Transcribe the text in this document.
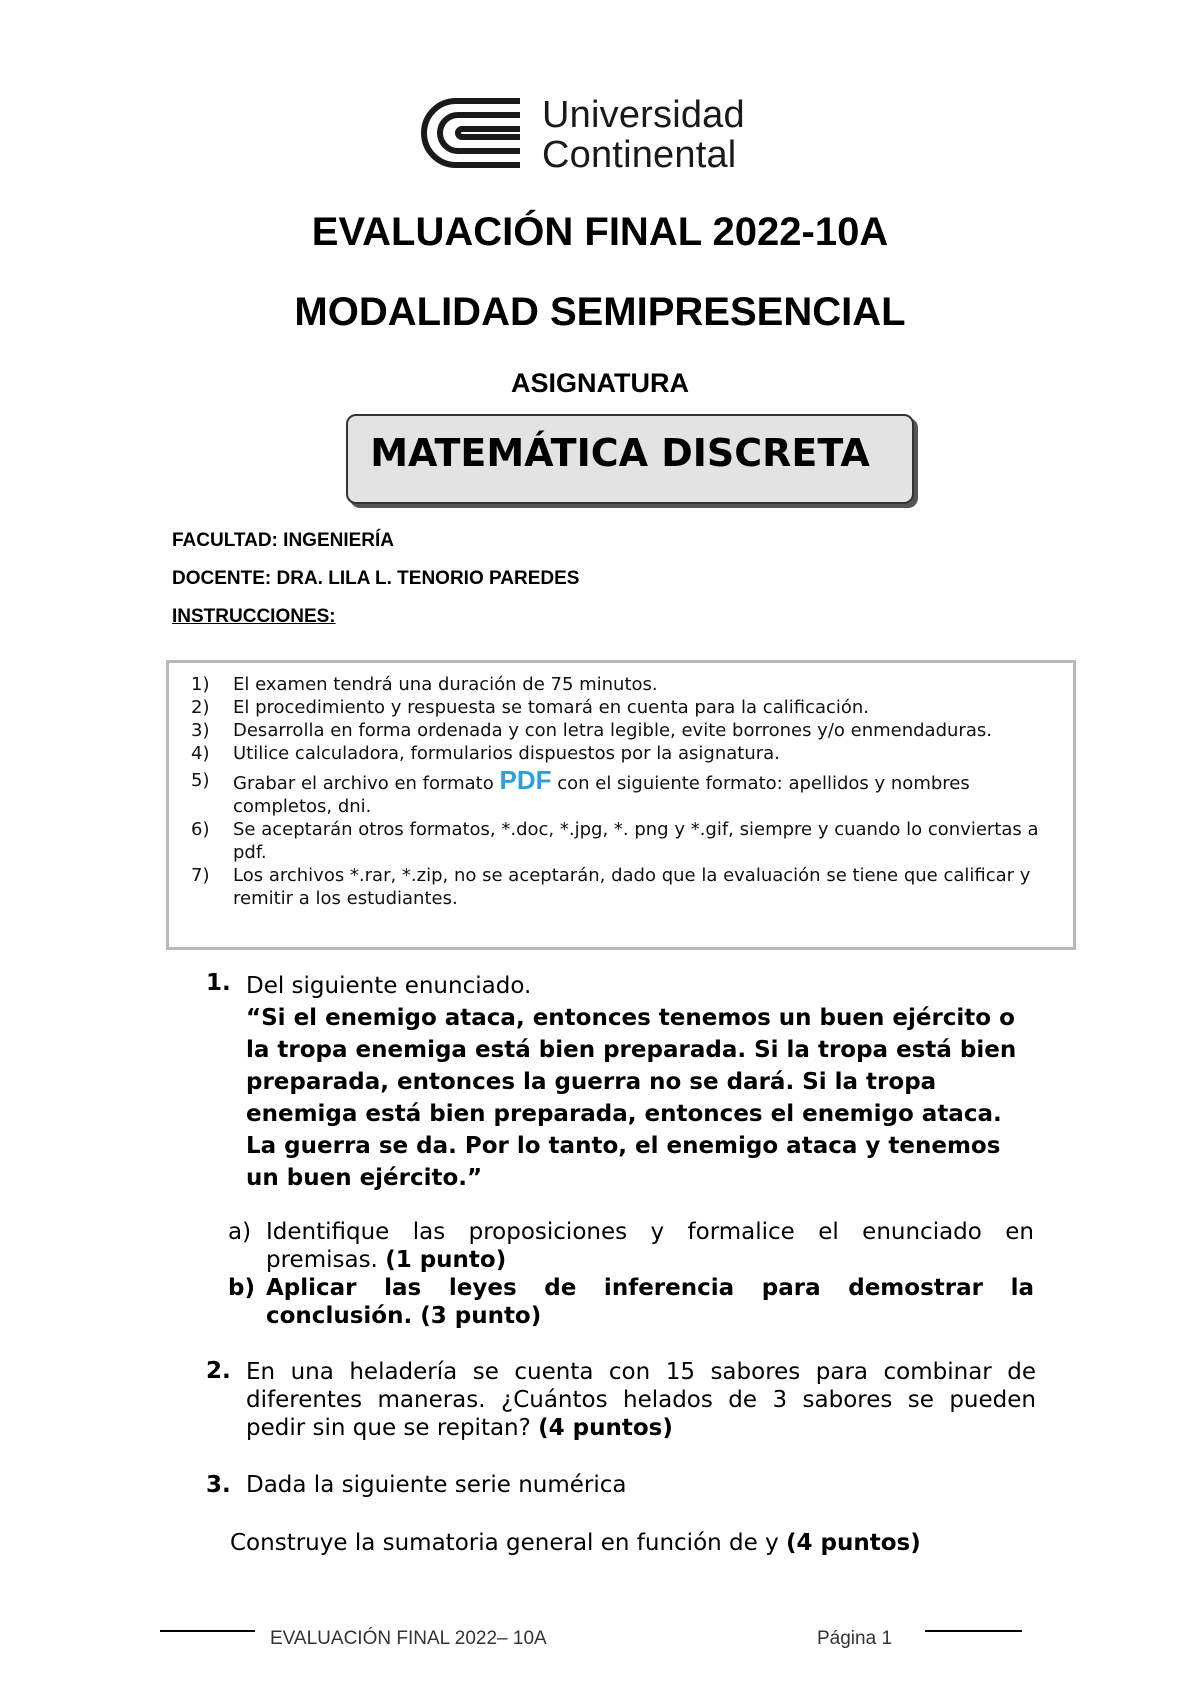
Universidad
Continental
EVALUACIÓN FINAL 2022-10A
MODALIDAD SEMIPRESENCIAL
ASIGNATURA
MATEMÁTICA DISCRETA
FACULTAD: INGENIERÍA
DOCENTE: DRA. LILA L. TENORIO PAREDES
INSTRUCCIONES:
1) El examen tendrá una duración de 75 minutos.
2) El procedimiento y respuesta se tomará en cuenta para la calificación.
3) Desarrolla en forma ordenada y con letra legible, evite borrones y/o enmendaduras.
4) Utilice calculadora, formularios dispuestos por la asignatura.
5) Grabar el archivo en formato PDF con el siguiente formato: apellidos y nombres completos, dni.
6) Se aceptarán otros formatos, *.doc, *.jpg, *. png y *.gif, siempre y cuando lo conviertas a pdf.
7) Los archivos *.rar, *.zip, no se aceptarán, dado que la evaluación se tiene que calificar y remitir a los estudiantes.
1. Del siguiente enunciado.
“Si el enemigo ataca, entonces tenemos un buen ejército o la tropa enemiga está bien preparada. Si la tropa está bien preparada, entonces la guerra no se dará. Si la tropa enemiga está bien preparada, entonces el enemigo ataca. La guerra se da. Por lo tanto, el enemigo ataca y tenemos un buen ejército.”
a) Identifique las proposiciones y formalice el enunciado en premisas. (1 punto)
b) Aplicar las leyes de inferencia para demostrar la conclusión. (3 punto)
2. En una heladería se cuenta con 15 sabores para combinar de diferentes maneras. ¿Cuántos helados de 3 sabores se pueden pedir sin que se repitan? (4 puntos)
3. Dada la siguiente serie numérica
Construye la sumatoria general en función de y (4 puntos)
EVALUACIÓN FINAL 2022– 10A	Página 1
